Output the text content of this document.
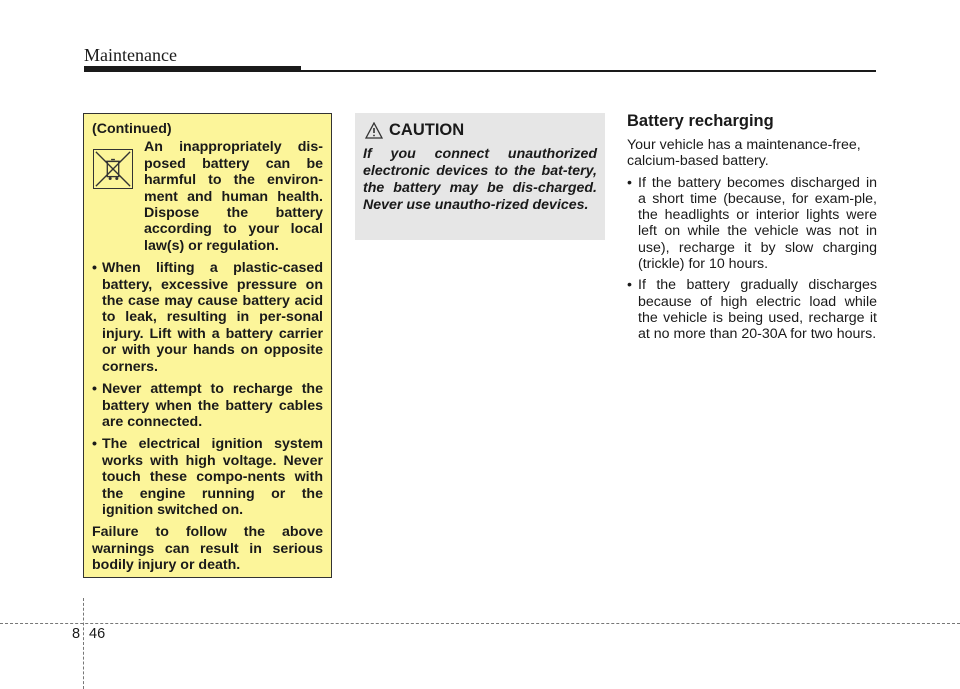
Maintenance
(Continued)
An inappropriately dis-posed battery can be harmful to the environ-ment and human health. Dispose the battery according to your local law(s) or regulation.
• When lifting a plastic-cased battery, excessive pressure on the case may cause battery acid to leak, resulting in per-sonal injury. Lift with a battery carrier or with your hands on opposite corners.
• Never attempt to recharge the battery when the battery cables are connected.
• The electrical ignition system works with high voltage. Never touch these compo-nents with the engine running or the ignition switched on.
Failure to follow the above warnings can result in serious bodily injury or death.
CAUTION
If you connect unauthorized electronic devices to the bat-tery, the battery may be dis-charged. Never use unautho-rized devices.
Battery recharging

Your vehicle has a maintenance-free, calcium-based battery.

• If the battery becomes discharged in a short time (because, for exam-ple, the headlights or interior lights were left on while the vehicle was not in use), recharge it by slow charging (trickle) for 10 hours.
• If the battery gradually discharges because of high electric load while the vehicle is being used, recharge it at no more than 20-30A for two hours.
8 46
